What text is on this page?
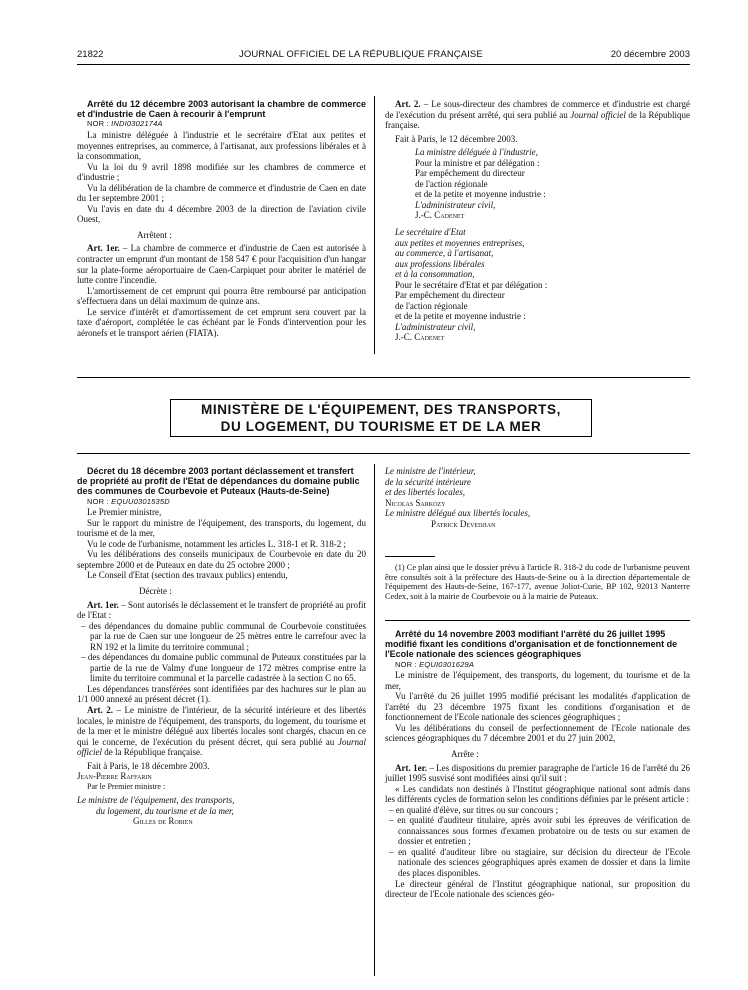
21822	JOURNAL OFFICIEL DE LA RÉPUBLIQUE FRANÇAISE	20 décembre 2003

Arrêté du 12 décembre 2003 autorisant la chambre de commerce et d'industrie de Caen à recourir à l'emprunt

NOR : INDI0302174A

La ministre déléguée à l'industrie et le secrétaire d'Etat aux petites et moyennes entreprises, au commerce, à l'artisanat, aux professions libérales et à la consommation,

Vu la loi du 9 avril 1898 modifiée sur les chambres de commerce et d'industrie ;

Vu la délibération de la chambre de commerce et d'industrie de Caen en date du 1er septembre 2001 ;

Vu l'avis en date du 4 décembre 2003 de la direction de l'aviation civile Ouest,

Arrêtent :

Art. 1er. – La chambre de commerce et d'industrie de Caen est autorisée à contracter un emprunt d'un montant de 158 547 € pour l'acquisition d'un hangar sur la plate-forme aéroportuaire de Caen-Carpiquet pour abriter le matériel de lutte contre l'incendie.

L'amortissement de cet emprunt qui pourra être remboursé par anticipation s'effectuera dans un délai maximum de quinze ans.

Le service d'intérêt et d'amortissement de cet emprunt sera couvert par la taxe d'aéroport, complétée le cas échéant par le Fonds d'intervention pour les aéronefs et le transport aérien (FIATA).

Art. 2. – Le sous-directeur des chambres de commerce et d'industrie est chargé de l'exécution du présent arrêté, qui sera publié au Journal officiel de la République française.

Fait à Paris, le 12 décembre 2003.

La ministre déléguée à l'industrie,

Pour la ministre et par délégation :

Par empêchement du directeur

de l'action régionale

et de la petite et moyenne industrie :

L'administrateur civil,

J.-C. Cadenet

Le secrétaire d'Etat

aux petites et moyennes entreprises,

au commerce, à l'artisanat,

aux professions libérales

et à la consommation,

Pour le secrétaire d'Etat et par délégation :

Par empêchement du directeur

de l'action régionale

et de la petite et moyenne industrie :

L'administrateur civil,

J.-C. Cadenet

MINISTÈRE DE L'ÉQUIPEMENT, DES TRANSPORTS,
DU LOGEMENT, DU TOURISME ET DE LA MER

Décret du 18 décembre 2003 portant déclassement et transfert de propriété au profit de l'Etat de dépendances du domaine public des communes de Courbevoie et Puteaux (Hauts-de-Seine)

NOR : EQUU0301535D

Le Premier ministre,

Sur le rapport du ministre de l'équipement, des transports, du logement, du tourisme et de la mer,

Vu le code de l'urbanisme, notamment les articles L. 318-1 et R. 318-2 ;

Vu les délibérations des conseils municipaux de Courbevoie en date du 20 septembre 2000 et de Puteaux en date du 25 octobre 2000 ;

Le Conseil d'Etat (section des travaux publics) entendu,

Décrète :

Art. 1er. – Sont autorisés le déclassement et le transfert de propriété au profit de l'Etat :

– des dépendances du domaine public communal de Courbevoie constituées par la rue de Caen sur une longueur de 25 mètres entre le carrefour avec la RN 192 et la limite du territoire communal ;
– des dépendances du domaine public communal de Puteaux constituées par la partie de la rue de Valmy d'une longueur de 172 mètres comprise entre la limite du territoire communal et la parcelle cadastrée à la section C no 65.

Les dépendances transférées sont identifiées par des hachures sur le plan au 1/1 000 annexé au présent décret (1).

Art. 2. – Le ministre de l'intérieur, de la sécurité intérieure et des libertés locales, le ministre de l'équipement, des transports, du logement, du tourisme et de la mer et le ministre délégué aux libertés locales sont chargés, chacun en ce qui le concerne, de l'exécution du présent décret, qui sera publié au Journal officiel de la République française.

Fait à Paris, le 18 décembre 2003.

Jean-Pierre Raffarin

Par le Premier ministre :

Le ministre de l'équipement, des transports,

du logement, du tourisme et de la mer,

Gilles de Robien

Le ministre de l'intérieur,

de la sécurité intérieure

et des libertés locales,

Nicolas Sarkozy

Le ministre délégué aux libertés locales,

Patrick Devedjian

(1) Ce plan ainsi que le dossier prévu à l'article R. 318-2 du code de l'urbanisme peuvent être consultés soit à la préfecture des Hauts-de-Seine ou à la direction départementale de l'équipement des Hauts-de-Seine, 167-177, avenue Joliot-Curie, BP 102, 92013 Nanterre Cedex, soit à la mairie de Courbevoie ou à la mairie de Puteaux.

Arrêté du 14 novembre 2003 modifiant l'arrêté du 26 juillet 1995 modifié fixant les conditions d'organisation et de fonctionnement de l'Ecole nationale des sciences géographiques

NOR : EQUI0301629A

Le ministre de l'équipement, des transports, du logement, du tourisme et de la mer,

Vu l'arrêté du 26 juillet 1995 modifié précisant les modalités d'application de l'arrêté du 23 décembre 1975 fixant les conditions d'organisation et de fonctionnement de l'Ecole nationale des sciences géographiques ;

Vu les délibérations du conseil de perfectionnement de l'Ecole nationale des sciences géographiques du 7 décembre 2001 et du 27 juin 2002,

Arrête :

Art. 1er. – Les dispositions du premier paragraphe de l'article 16 de l'arrêté du 26 juillet 1995 susvisé sont modifiées ainsi qu'il suit :

« Les candidats non destinés à l'Institut géographique national sont admis dans les différents cycles de formation selon les conditions définies par le présent article :

– en qualité d'élève, sur titres ou sur concours ;
– en qualité d'auditeur titulaire, après avoir subi les épreuves de vérification de connaissances sous formes d'examen probatoire ou de tests ou sur examen de dossier et entretien ;
– en qualité d'auditeur libre ou stagiaire, sur décision du directeur de l'Ecole nationale des sciences géographiques après examen de dossier et dans la limite des places disponibles.

Le directeur général de l'Institut géographique national, sur proposition du directeur de l'Ecole nationale des sciences géo-
